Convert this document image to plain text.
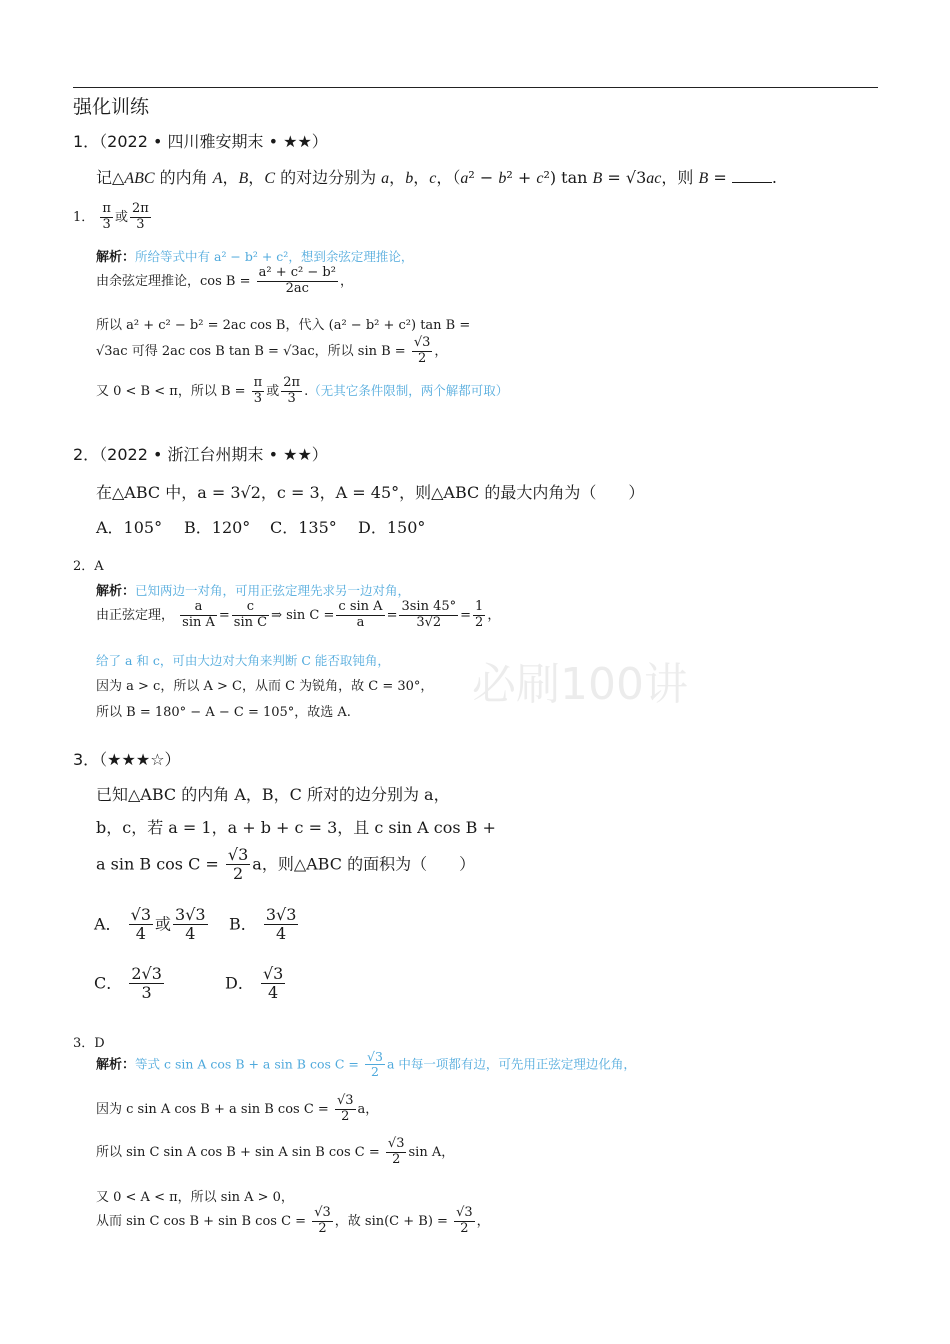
强化训练
必刷100讲
1．（2022 • 四川雅安期末 • ★★）
记△ABC 的内角 A，B，C 的对边分别为 a，b，c，（a² − b² + c²) tan B = √3ac，则 B =	.
1． $\frac{\pi}{3}$ 或 $\frac{2\pi}{3}$
解析：所给等式中有 a² − b² + c²，想到余弦定理推论，
由余弦定理推论，$\cos B = \frac{\text{a² + c² − b²}}{2ac}$ ，
所以 a² + c² − b² = 2ac cos B，代入 (a² − b² + c²) tan B =
√3ac 可得 2ac cos B tan B = √3ac，所以 $\sin B = \frac{√3}{2}$ ，
又 0 < B < π，所以 $B = \frac{\pi}{3}$ 或 $\frac{2\pi}{3}$ .（无其它条件限制，两个解都可取）
2．（2022 • 浙江台州期末 • ★★）
在△ABC 中，a = 3√2，c = 3，A = 45°，则△ABC 的最大内角为（　　）
A．105° B．120° C．135° D．150°
2．A
解析：已知两边一对角，可用正弦定理先求另一边对角，
由正弦定理， $\frac{a}{\text{sin A}} = \frac{c}{\text{sin C}}$ ⇒ $\sin C = \frac{\text{c sin A}}{a} = \frac{3\sin 45^\circ}{3√2} = \frac{1}{2}$ ，
给了 a 和 c，可由大边对大角来判断 C 能否取钝角，
因为 a > c，所以 A > C，从而 C 为锐角，故 C = 30°，
所以 B = 180° − A − C = 105°，故选 A.
3．（★★★☆）
已知△ABC 的内角 A，B，C 所对的边分别为 a，
b，c，若 a = 1，a + b + c = 3，且 c sin A cos B +
a sin B $\cos C = \frac{√3}{2}$ a，则△ABC 的面积为（　　）
A． $\frac{√3}{4}$ 或 $\frac{3√3}{4}$ B． $\frac{3√3}{4}$
C． $\frac{2√3}{3}$	D． $\frac{√3}{4}$
3．D
解析：等式 c sin A cos B + a sin B $\cos C = \frac{√3}{2}$ a 中每一项都有边，可先用正弦定理边化角，
因为 c sin A cos B + a sin B $\cos C = \frac{√3}{2}$ a，
所以 sin C sin A cos B + sin A sin B $\cos C = \frac{√3}{2}$ sin A，
又 0 < A < π，所以 sin A > 0，
从而 sin C cos B + sin B $\cos C = \frac{√3}{2}$ ，故 $\sin(C + B) = \frac{√3}{2}$ ，
